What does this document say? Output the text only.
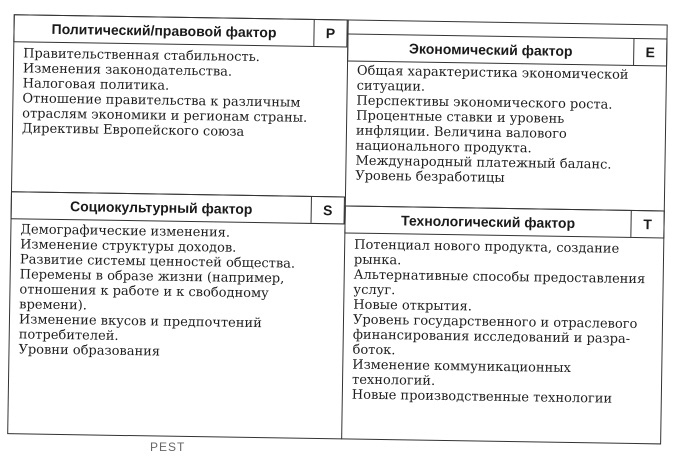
Политический/правовой фактор	P
Правительственная стабильность.
Изменения законодательства.
Налоговая политика.
Отношение правительства к различным
отраслям экономики и регионам страны.
Директивы Европейского союза
Экономический фактор	E
Общая характеристика экономической
ситуации.
Перспективы экономического роста.
Процентные ставки и уровень
инфляции. Величина валового
национального продукта.
Международный платежный баланс.
Уровень безработицы
Социокультурный фактор	S
Демографические изменения.
Изменение структуры доходов.
Развитие системы ценностей общества.
Перемены в образе жизни (например,
отношения к работе и к свободному
времени).
Изменение вкусов и предпочтений
потребителей.
Уровни образования
Технологический фактор	T
Потенциал нового продукта, создание
рынка.
Альтернативные способы предоставления
услуг.
Новые открытия.
Уровень государственного и отраслевого
финансирования исследований и разра-
боток.
Изменение коммуникационных
технологий.
Новые производственные технологии
РЕSТ
